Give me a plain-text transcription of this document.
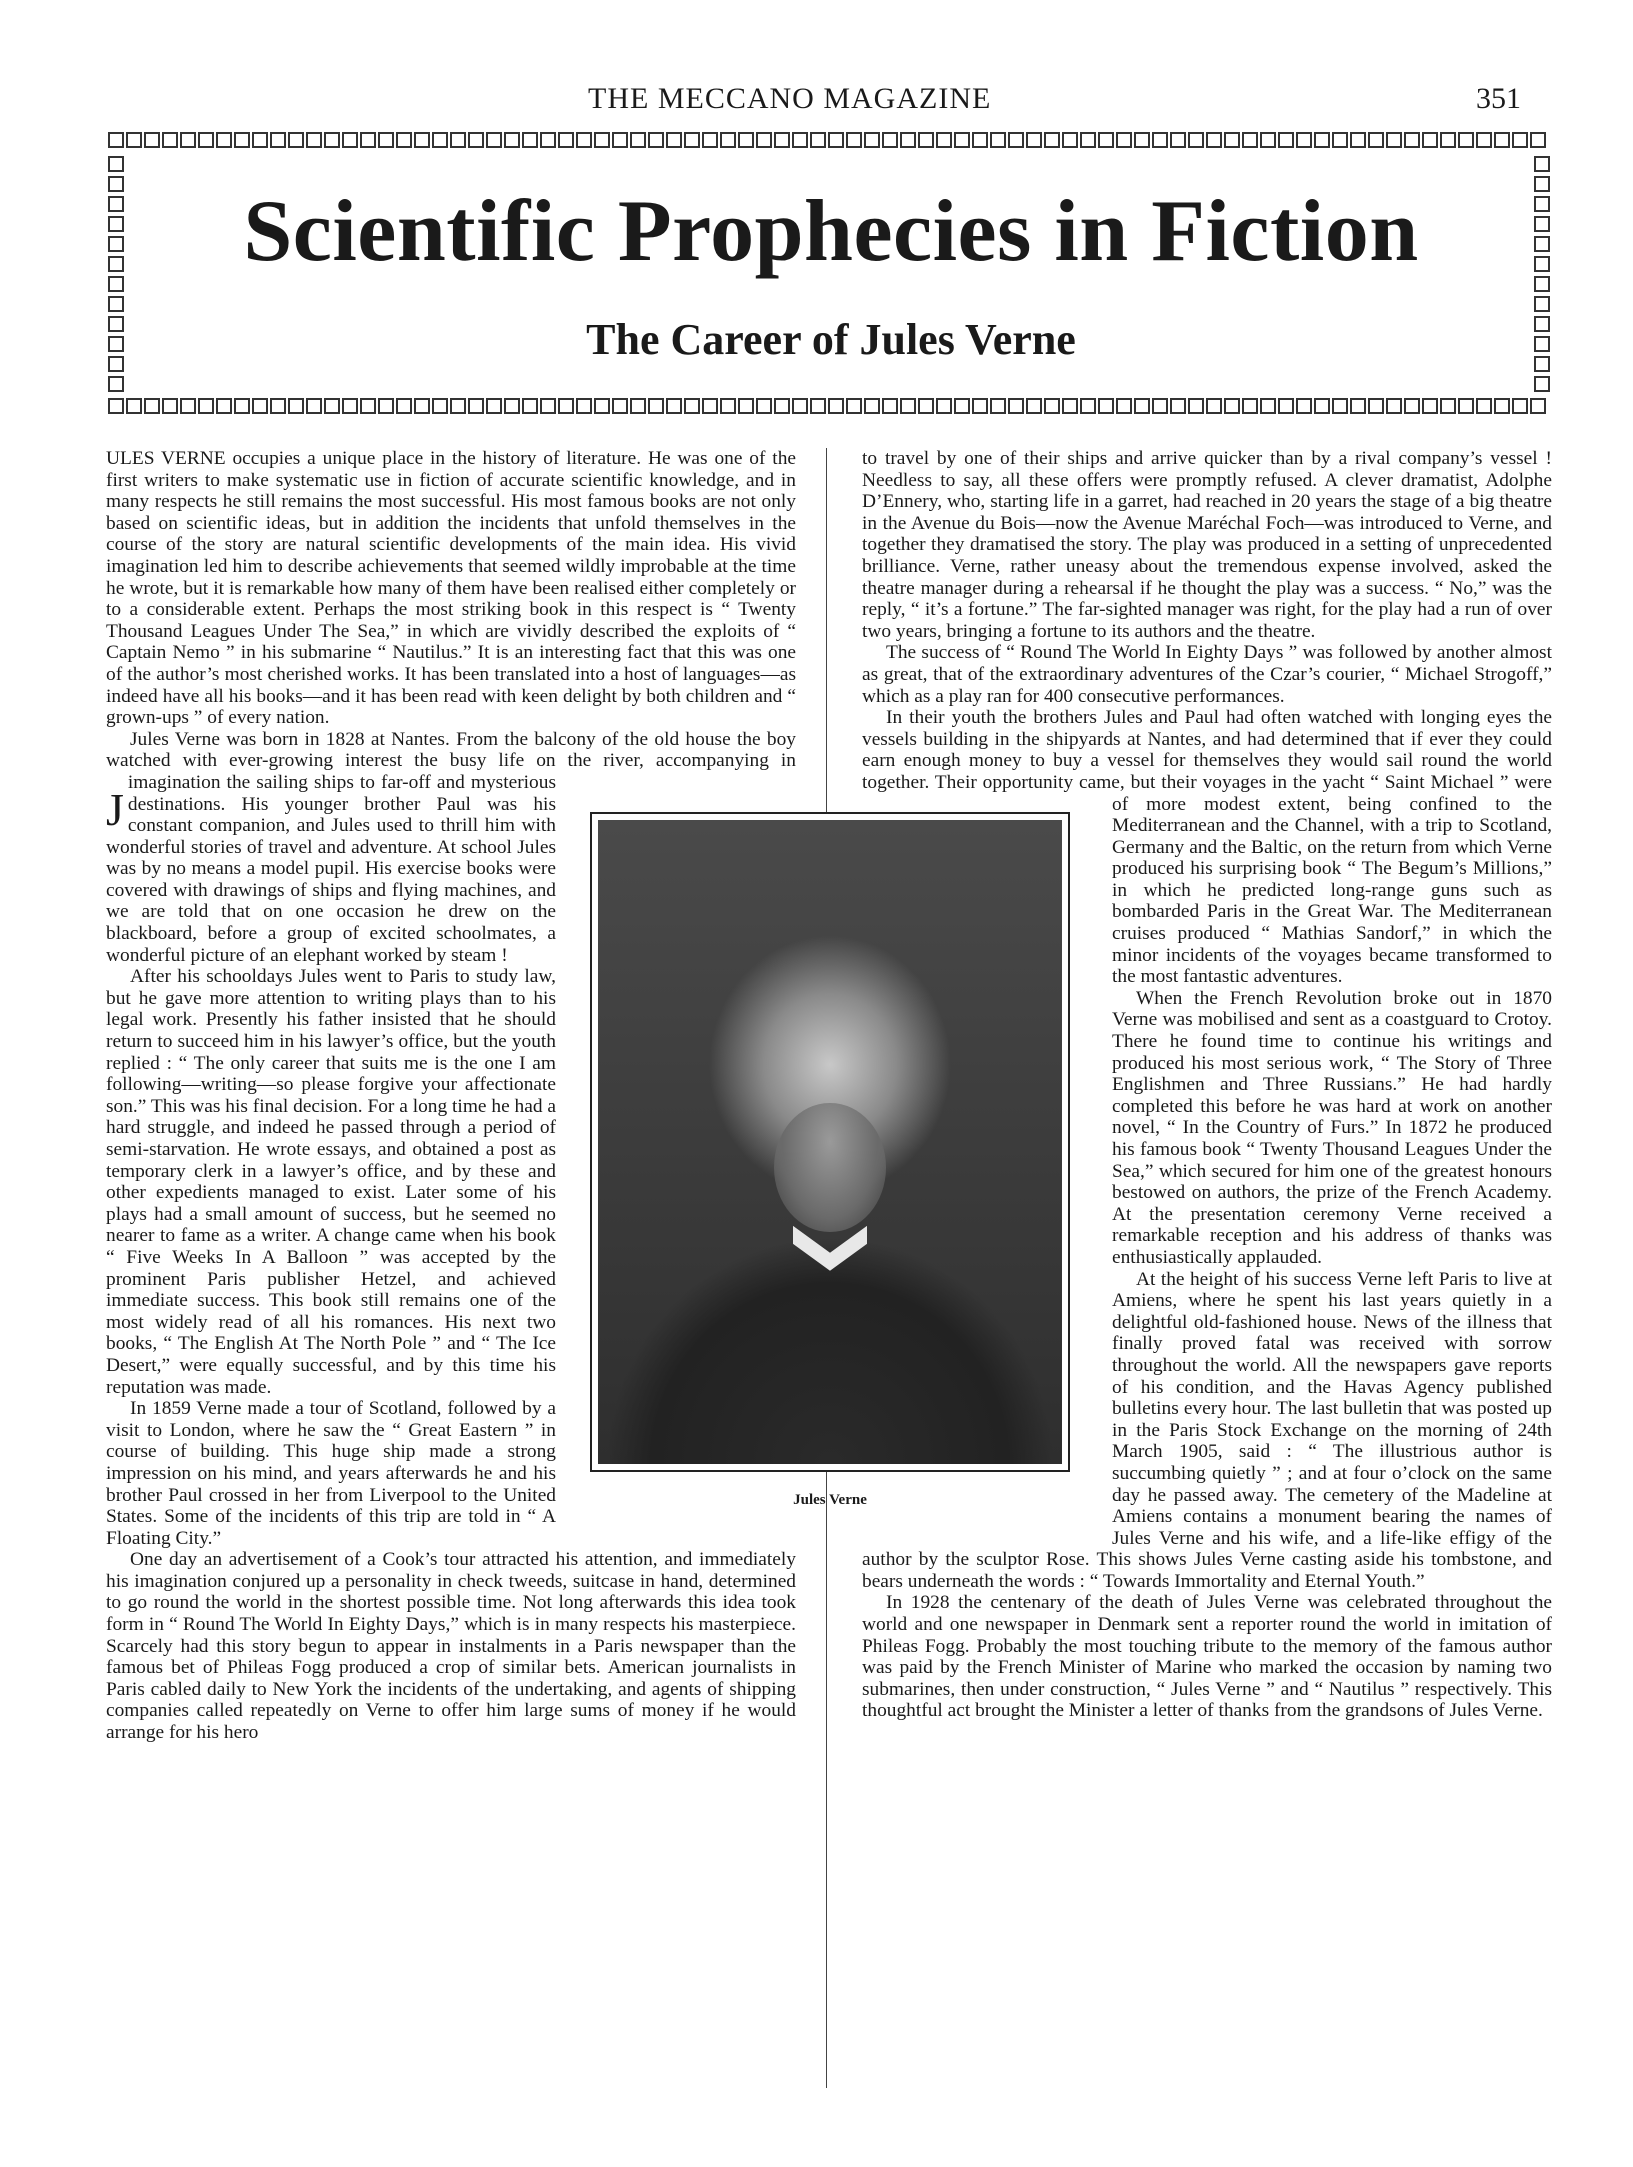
THE MECCANO MAGAZINE	351
Scientific Prophecies in Fiction
The Career of Jules Verne

J
ULES VERNE occupies a unique place in the history of literature. He was one of the first writers to make systematic use in fiction of accurate scientific knowledge, and in many respects he still remains the most successful. His most famous books are not only based on scientific ideas, but in addition the incidents that unfold themselves in the course of the story are natural scientific developments of the main idea. His vivid imagination led him to describe achievements that seemed wildly improbable at the time he wrote, but it is remarkable how many of them have been realised either completely or to a considerable extent. Perhaps the most striking book in this respect is “ Twenty Thousand Leagues Under The Sea,” in which are vividly described the exploits of “ Captain Nemo ” in his submarine “ Nautilus.” It is an interesting fact that this was one of the author’s most cherished works. It has been translated into a host of languages—as indeed have all his books—and it has been read with keen delight by both children and “ grown-ups ” of every nation.

Jules Verne was born in 1828 at Nantes. From the balcony of the old house the boy watched with ever-growing interest the busy life on the river, accompanying in imagination the sailing ships to far-off and mysterious destinations. His younger brother Paul was his constant companion, and Jules used to thrill him with wonderful stories of travel and adventure. At school Jules was by no means a model pupil. His exercise books were covered with drawings of ships and flying machines, and we are told that on one occasion he drew on the blackboard, before a group of excited schoolmates, a wonderful picture of an elephant worked by steam !

After his schooldays Jules went to Paris to study law, but he gave more attention to writing plays than to his legal work. Presently his father insisted that he should return to succeed him in his lawyer’s office, but the youth replied : “ The only career that suits me is the one I am following—writing—so please forgive your affectionate son.” This was his final decision. For a long time he had a hard struggle, and indeed he passed through a period of semi-starvation. He wrote essays, and obtained a post as temporary clerk in a lawyer’s office, and by these and other expedients managed to exist. Later some of his plays had a small amount of success, but he seemed no nearer to fame as a writer. A change came when his book “ Five Weeks In A Balloon ” was accepted by the prominent Paris publisher Hetzel, and achieved immediate success. This book still remains one of the most widely read of all his romances. His next two books, “ The English At The North Pole ” and “ The Ice Desert,” were equally successful, and by this time his reputation was made.

In 1859 Verne made a tour of Scotland, followed by a visit to London, where he saw the “ Great Eastern ” in course of building. This huge ship made a strong impression on his mind, and years afterwards he and his brother Paul crossed in her from Liverpool to the United States. Some of the incidents of this trip are told in “ A Floating City.”

One day an advertisement of a Cook’s tour attracted his attention, and immediately his imagination conjured up a personality in check tweeds, suitcase in hand, determined to go round the world in the shortest possible time. Not long afterwards this idea took form in “ Round The World In Eighty Days,” which is in many respects his masterpiece. Scarcely had this story begun to appear in instalments in a Paris newspaper than the famous bet of Phileas Fogg produced a crop of similar bets. American journalists in Paris cabled daily to New York the incidents of the undertaking, and agents of shipping companies called repeatedly on Verne to offer him large sums of money if he would arrange for his hero

to travel by one of their ships and arrive quicker than by a rival company’s vessel ! Needless to say, all these offers were promptly refused. A clever dramatist, Adolphe D’Ennery, who, starting life in a garret, had reached in 20 years the stage of a big theatre in the Avenue du Bois—now the Avenue Maréchal Foch—was introduced to Verne, and together they dramatised the story. The play was produced in a setting of unprecedented brilliance. Verne, rather uneasy about the tremendous expense involved, asked the theatre manager during a rehearsal if he thought the play was a success. “ No,” was the reply, “ it’s a fortune.” The far-sighted manager was right, for the play had a run of over two years, bringing a fortune to its authors and the theatre.

The success of “ Round The World In Eighty Days ” was followed by another almost as great, that of the extraordinary adventures of the Czar’s courier, “ Michael Strogoff,” which as a play ran for 400 consecutive performances.

In their youth the brothers Jules and Paul had often watched with longing eyes the vessels building in the shipyards at Nantes, and had determined that if ever they could earn enough money to buy a vessel for themselves they would sail round the world together. Their opportunity came, but their voyages in the yacht “ Saint Michael ” were of more modest extent, being confined to the Mediterranean and the Channel, with a trip to Scotland, Germany and the Baltic, on the return from which Verne produced his surprising book “ The Begum’s Millions,” in which he predicted long-range guns such as bombarded Paris in the Great War. The Mediterranean cruises produced “ Mathias Sandorf,” in which the minor incidents of the voyages became transformed to the most fantastic adventures.

When the French Revolution broke out in 1870 Verne was mobilised and sent as a coastguard to Crotoy. There he found time to continue his writings and produced his most serious work, “ The Story of Three Englishmen and Three Russians.” He had hardly completed this before he was hard at work on another novel, “ In the Country of Furs.” In 1872 he produced his famous book “ Twenty Thousand Leagues Under the Sea,” which secured for him one of the greatest honours bestowed on authors, the prize of the French Academy. At the presentation ceremony Verne received a remarkable reception and his address of thanks was enthusiastically applauded.

At the height of his success Verne left Paris to live at Amiens, where he spent his last years quietly in a delightful old-fashioned house. News of the illness that finally proved fatal was received with sorrow throughout the world. All the newspapers gave reports of his condition, and the Havas Agency published bulletins every hour. The last bulletin that was posted up in the Paris Stock Exchange on the morning of 24th March 1905, said : “ The illustrious author is succumbing quietly ” ; and at four o’clock on the same day he passed away. The cemetery of the Madeline at Amiens contains a monument bearing the names of Jules Verne and his wife, and a life-like effigy of the author by the sculptor Rose. This shows Jules Verne casting aside his tombstone, and bears underneath the words : “ Towards Immortality and Eternal Youth.”

In 1928 the centenary of the death of Jules Verne was celebrated throughout the world and one newspaper in Denmark sent a reporter round the world in imitation of Phileas Fogg. Probably the most touching tribute to the memory of the famous author was paid by the French Minister of Marine who marked the occasion by naming two submarines, then under construction, “ Jules Verne ” and “ Nautilus ” respectively. This thoughtful act brought the Minister a letter of thanks from the grandsons of Jules Verne.

Jules Verne
